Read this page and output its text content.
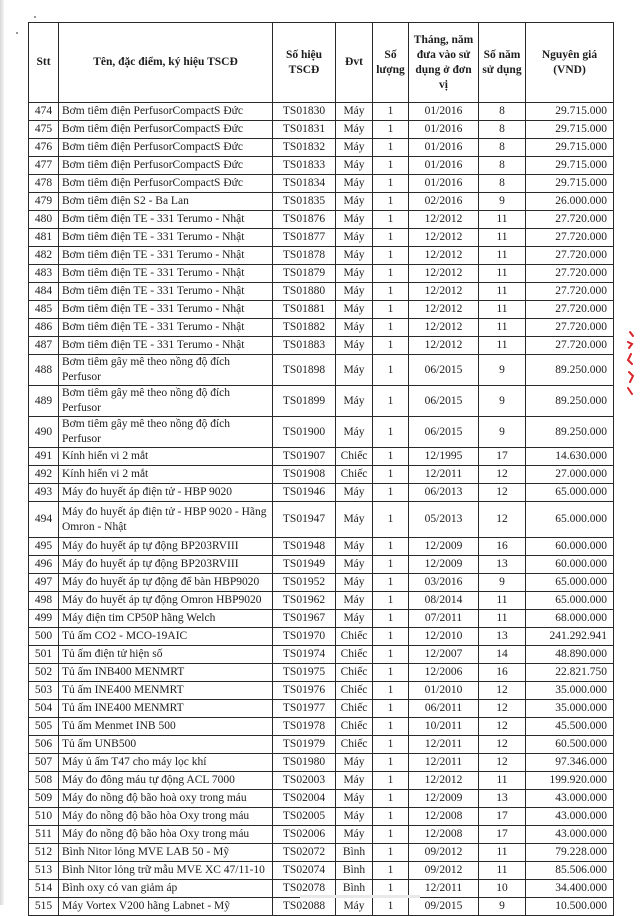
Stt	Tên, đặc điểm, ký hiệu TSCĐ	Số hiệu TSCĐ	Đvt	Số lượng	Tháng, năm đưa vào sử dụng ở đơn vị	Số năm sử dụng	Nguyên giá (VND)
474	Bơm tiêm điện PerfusorCompactS Đức	TS01830	Máy	1	01/2016	8	29.715.000
475	Bơm tiêm điện PerfusorCompactS Đức	TS01831	Máy	1	01/2016	8	29.715.000
476	Bơm tiêm điện PerfusorCompactS Đức	TS01832	Máy	1	01/2016	8	29.715.000
477	Bơm tiêm điện PerfusorCompactS Đức	TS01833	Máy	1	01/2016	8	29.715.000
478	Bơm tiêm điện PerfusorCompactS Đức	TS01834	Máy	1	01/2016	8	29.715.000
479	Bơm tiêm điện S2 - Ba Lan	TS01835	Máy	1	02/2016	9	26.000.000
480	Bơm tiêm điện TE - 331 Terumo - Nhật	TS01876	Máy	1	12/2012	11	27.720.000
481	Bơm tiêm điện TE - 331 Terumo - Nhật	TS01877	Máy	1	12/2012	11	27.720.000
482	Bơm tiêm điện TE - 331 Terumo - Nhật	TS01878	Máy	1	12/2012	11	27.720.000
483	Bơm tiêm điện TE - 331 Terumo - Nhật	TS01879	Máy	1	12/2012	11	27.720.000
484	Bơm tiêm điện TE - 331 Terumo - Nhật	TS01880	Máy	1	12/2012	11	27.720.000
485	Bơm tiêm điện TE - 331 Terumo - Nhật	TS01881	Máy	1	12/2012	11	27.720.000
486	Bơm tiêm điện TE - 331 Terumo - Nhật	TS01882	Máy	1	12/2012	11	27.720.000
487	Bơm tiêm điện TE - 331 Terumo - Nhật	TS01883	Máy	1	12/2012	11	27.720.000
488	Bơm tiêm gây mê theo nồng độ đích Perfusor	TS01898	Máy	1	06/2015	9	89.250.000
489	Bơm tiêm gây mê theo nồng độ đích Perfusor	TS01899	Máy	1	06/2015	9	89.250.000
490	Bơm tiêm gây mê theo nồng độ đích Perfusor	TS01900	Máy	1	06/2015	9	89.250.000
491	Kính hiển vi 2 mắt	TS01907	Chiếc	1	12/1995	17	14.630.000
492	Kính hiển vi 2 mắt	TS01908	Chiếc	1	12/2011	12	27.000.000
493	Máy đo huyết áp điện tử - HBP 9020	TS01946	Máy	1	06/2013	12	65.000.000
494	Máy đo huyết áp điện tử - HBP 9020 - Hãng Omron - Nhật	TS01947	Máy	1	05/2013	12	65.000.000
495	Máy đo huyết áp tự động BP203RVIII	TS01948	Máy	1	12/2009	16	60.000.000
496	Máy đo huyết áp tự động BP203RVIII	TS01949	Máy	1	12/2009	13	60.000.000
497	Máy đo huyết áp tự động để bàn HBP9020	TS01952	Máy	1	03/2016	9	65.000.000
498	Máy đo huyết áp tự động Omron HBP9020	TS01962	Máy	1	08/2014	11	65.000.000
499	Máy điện tim CP50P hãng Welch	TS01967	Máy	1	07/2011	11	68.000.000
500	Tủ ấm CO2 - MCO-19AIC	TS01970	Chiếc	1	12/2010	13	241.292.941
501	Tủ ấm điện tử hiện số	TS01974	Chiếc	1	12/2007	14	48.890.000
502	Tủ ấm INB400 MENMRT	TS01975	Chiếc	1	12/2006	16	22.821.750
503	Tủ ấm INE400 MENMRT	TS01976	Chiếc	1	01/2010	12	35.000.000
504	Tủ ấm INE400 MENMRT	TS01977	Chiếc	1	06/2011	12	35.000.000
505	Tủ ấm Menmet INB 500	TS01978	Chiếc	1	10/2011	12	45.500.000
506	Tủ ấm UNB500	TS01979	Chiếc	1	12/2011	12	60.500.000
507	Máy ủ ấm T47 cho máy lọc khí	TS01980	Máy	1	12/2011	12	97.346.000
508	Máy đo đông máu tự động ACL 7000	TS02003	Máy	1	12/2012	11	199.920.000
509	Máy đo nồng độ bão hoà oxy trong máu	TS02004	Máy	1	12/2009	13	43.000.000
510	Máy đo nồng độ bão hòa Oxy trong máu	TS02005	Máy	1	12/2008	17	43.000.000
511	Máy đo nồng độ bão hòa Oxy trong máu	TS02006	Máy	1	12/2008	17	43.000.000
512	Bình Nitor lỏng MVE LAB 50 - Mỹ	TS02072	Bình	1	09/2012	11	79.228.000
513	Bình Nitor lỏng trữ mẫu MVE XC 47/11-10	TS02074	Bình	1	09/2012	11	85.506.000
514	Bình oxy có van giảm áp	TS02078	Bình	1	12/2011	10	34.400.000
515	Máy Vortex V200 hãng Labnet - Mỹ	TS02088	Máy	1	09/2015	9	10.500.000
